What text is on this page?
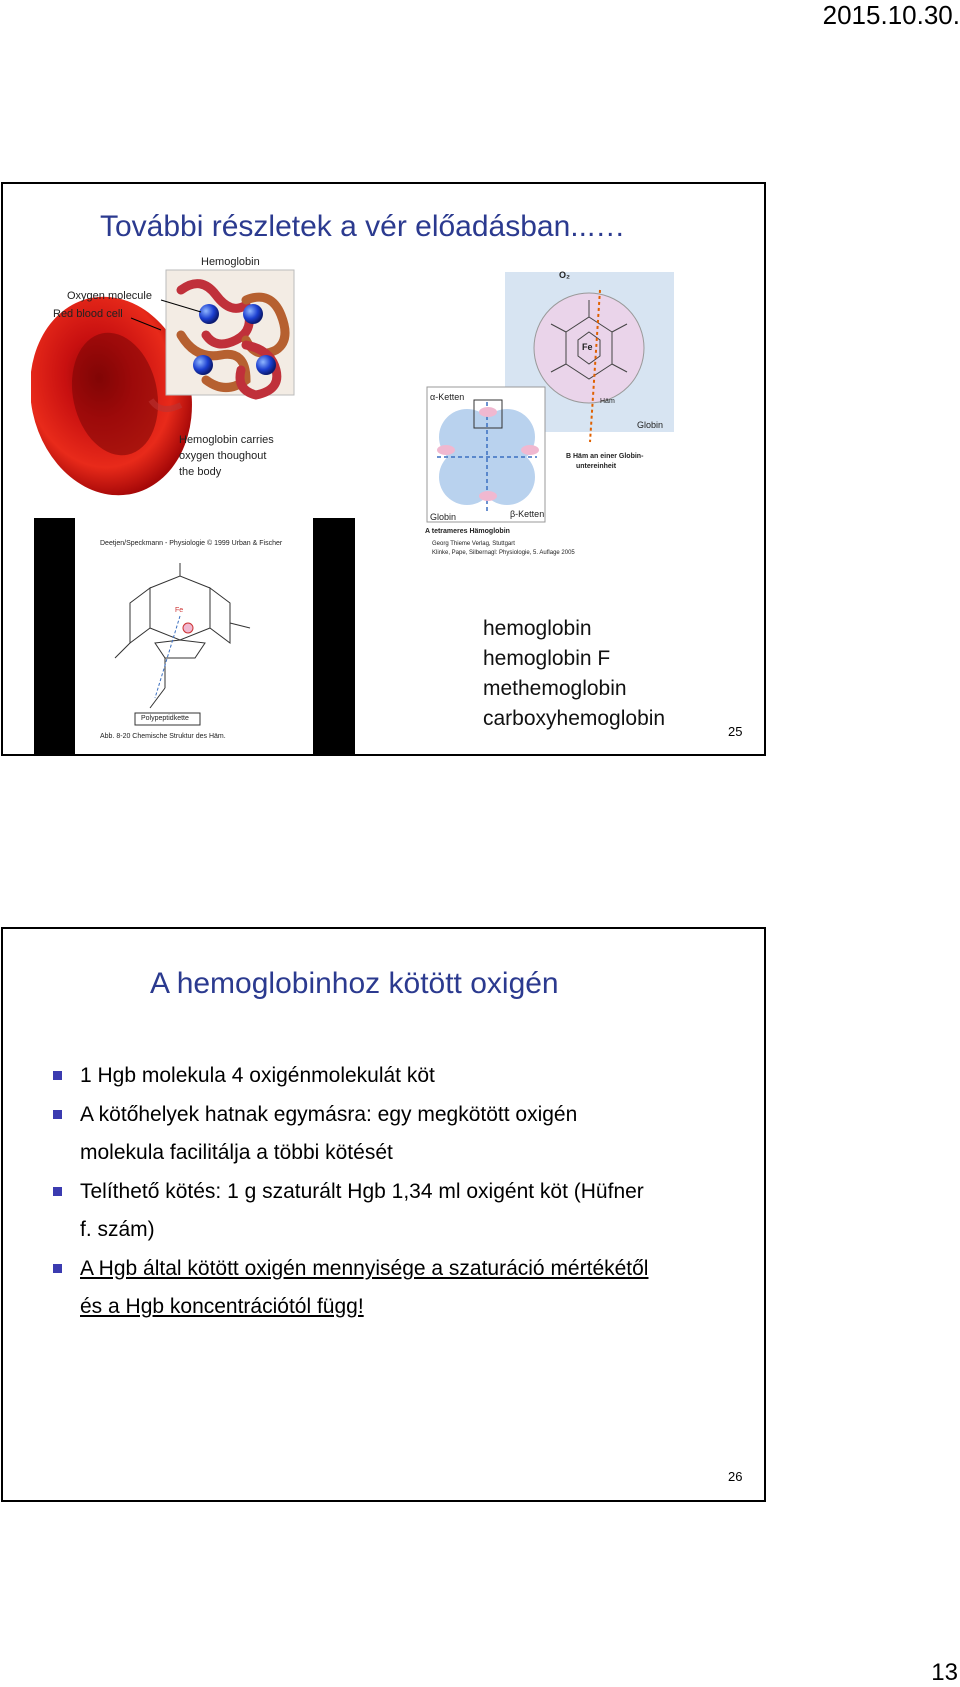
2015.10.30.
További részletek a vér előadásban...…
Hemoglobin
Oxygen molecule
Red blood cell
Hemoglobin carries
oxygen thoughout
the body
O₂
Fe
α-Ketten
β-Ketten
Häm
Globin
Globin
B Häm an einer Globin-
untereinheit
A tetrameres Hämoglobin
Georg Thieme Verlag, Stuttgart
Klinke, Pape, Silbernagl: Physiologie, 5. Auflage 2005
Deetjen/Speckmann - Physiologie © 1999 Urban & Fischer
Fe
Polypeptidkette
Abb. 8-20 Chemische Struktur des Häm.
hemoglobin
hemoglobin F
methemoglobin
carboxyhemoglobin
25
A hemoglobinhoz kötött oxigén
1 Hgb molekula 4 oxigénmolekulát köt
A kötőhelyek hatnak egymásra: egy megkötött oxigén
molekula facilitálja a többi kötését
Telíthető kötés: 1 g szaturált Hgb 1,34 ml oxigént köt (Hüfner
f. szám)
A Hgb által kötött oxigén mennyisége a szaturáció mértékétől
és a Hgb koncentrációtól függ!
26
13
